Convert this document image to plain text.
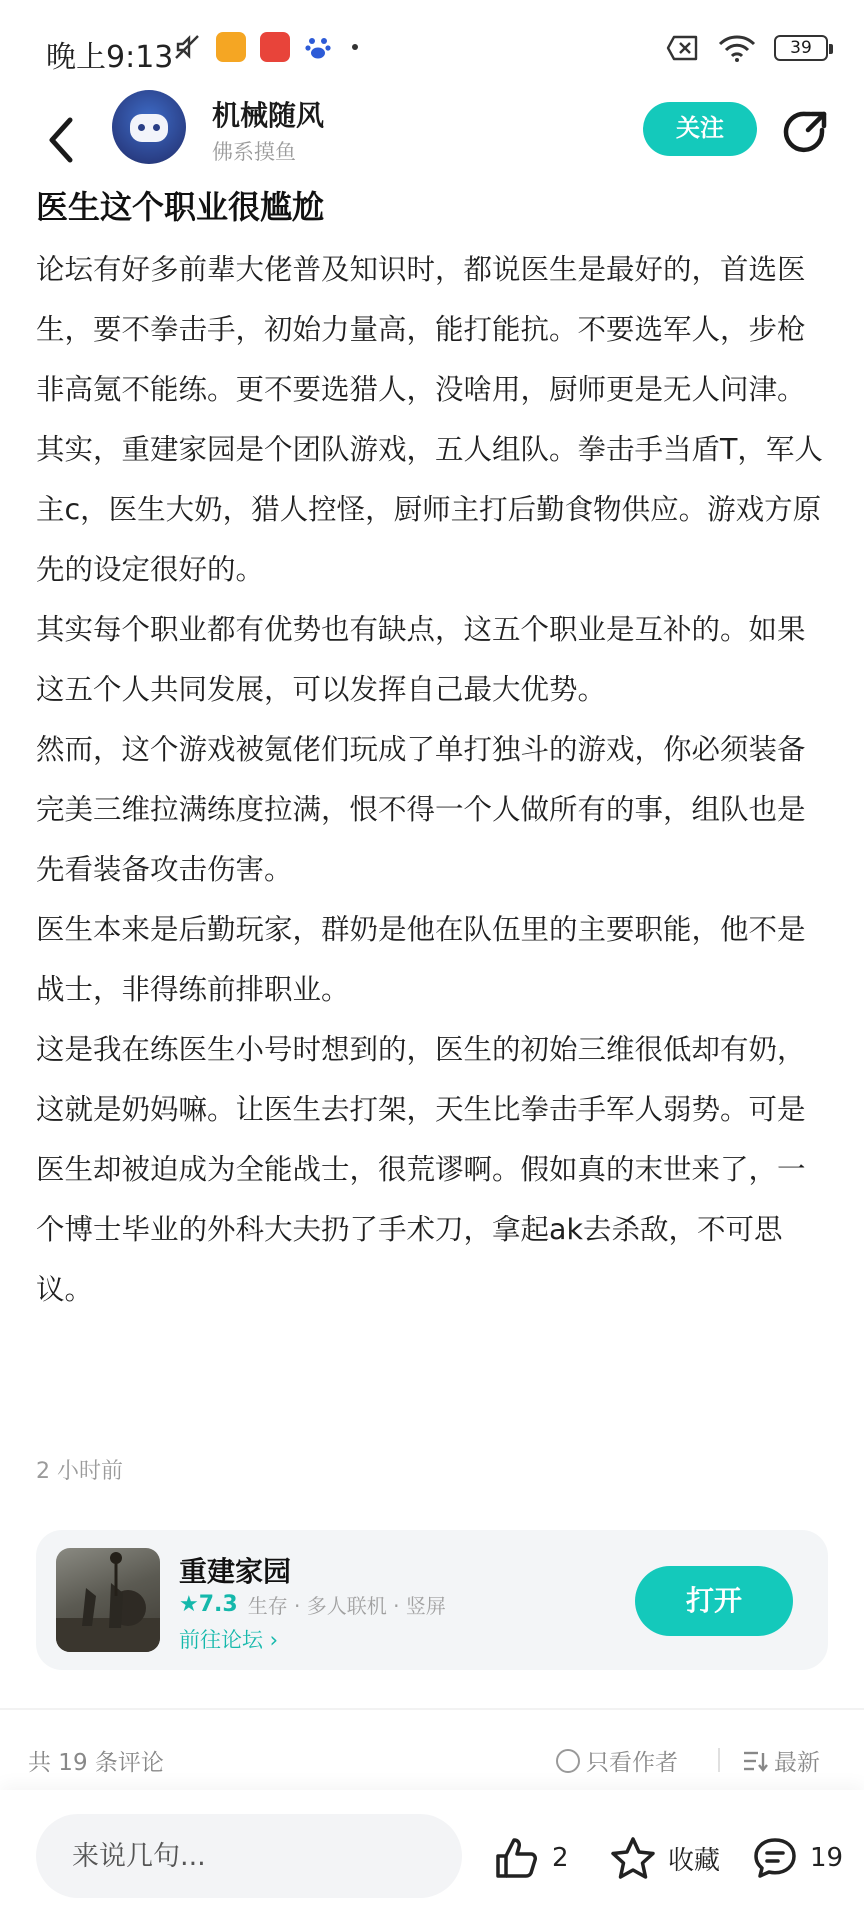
晚上9:13	39
机械随风
佛系摸鱼
关注
医生这个职业很尴尬

论坛有好多前辈大佬普及知识时，都说医生是最好的，首选医生，要不拳击手，初始力量高，能打能抗。不要选军人，步枪非高氪不能练。更不要选猎人，没啥用，厨师更是无人问津。

其实，重建家园是个团队游戏，五人组队。拳击手当盾T，军人主c，医生大奶，猎人控怪，厨师主打后勤食物供应。游戏方原先的设定很好的。

其实每个职业都有优势也有缺点，这五个职业是互补的。如果这五个人共同发展，可以发挥自己最大优势。

然而，这个游戏被氪佬们玩成了单打独斗的游戏，你必须装备完美三维拉满练度拉满，恨不得一个人做所有的事，组队也是先看装备攻击伤害。

医生本来是后勤玩家，群奶是他在队伍里的主要职能，他不是战士，非得练前排职业。

这是我在练医生小号时想到的，医生的初始三维很低却有奶，这就是奶妈嘛。让医生去打架，天生比拳击手军人弱势。可是医生却被迫成为全能战士，很荒谬啊。假如真的末世来了，一个博士毕业的外科大夫扔了手术刀，拿起ak去杀敌，不可思议。

2 小时前
重建家园
★7.3 生存 · 多人联机 · 竖屏
前往论坛 ›
打开
共 19 条评论	只看作者	最新
来说几句...
2	收藏	19
